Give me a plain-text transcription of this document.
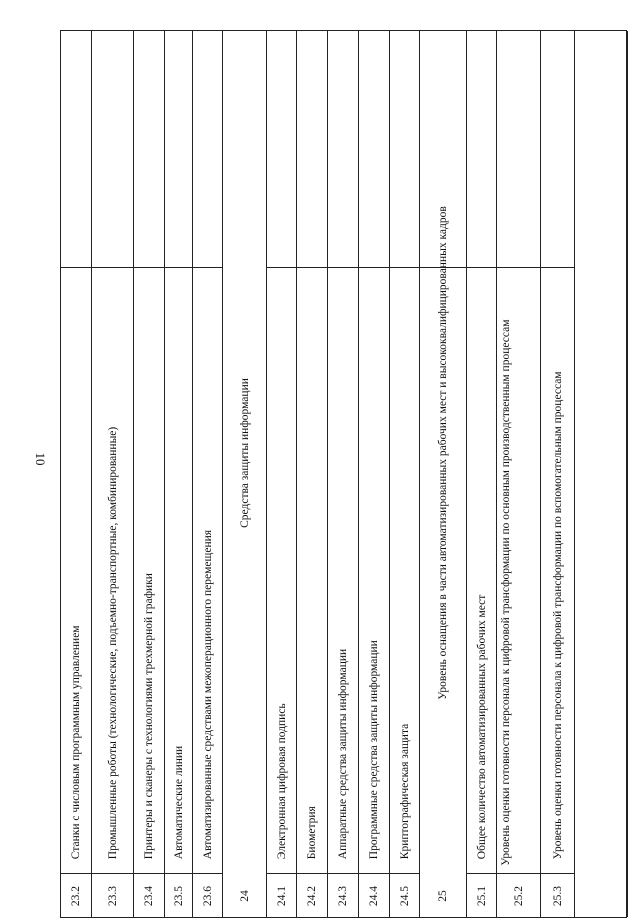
10
23.2
Станки с числовым программным управлением
23.3
Промышленные роботы (технологические, подъемно-транспортные, комбинированные)
23.4
Принтеры и сканеры с технологиями трехмерной графики
23.5
Автоматические линии
23.6
Автоматизированные средствами межоперационного перемещения
24
Средства защиты информации
24.1
Электронная цифровая подпись
24.2
Биометрия
24.3
Аппаратные средства защиты информации
24.4
Программные средства защиты информации
24.5
Криптографическая защита
25
Уровень оснащения в части автоматизированных рабочих мест и высококвалифицированных кадров
25.1
Общее количество автоматизированных рабочих мест
25.2
Уровень оценки готовности персонала к цифровой трансформации по основным производственным процессам
25.3
Уровень оценки готовности персонала к цифровой трансформации по вспомогательным процессам
